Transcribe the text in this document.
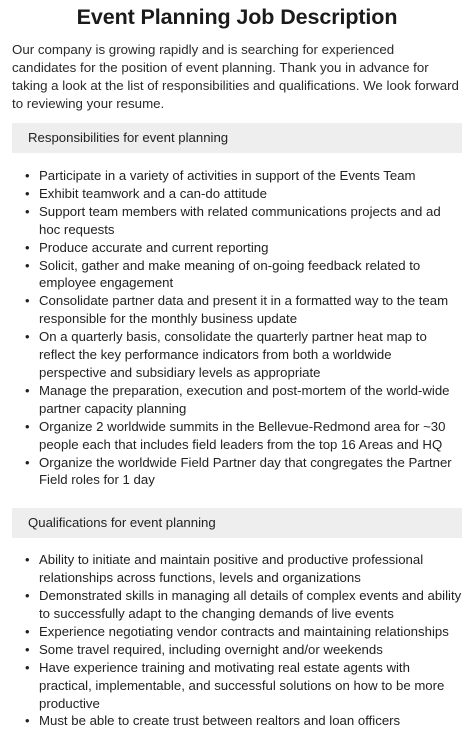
Event Planning Job Description

Our company is growing rapidly and is searching for experienced candidates for the position of event planning. Thank you in advance for taking a look at the list of responsibilities and qualifications. We look forward to reviewing your resume.

Responsibilities for event planning
• Participate in a variety of activities in support of the Events Team
• Exhibit teamwork and a can-do attitude
• Support team members with related communications projects and ad hoc requests
• Produce accurate and current reporting
• Solicit, gather and make meaning of on-going feedback related to employee engagement
• Consolidate partner data and present it in a formatted way to the team responsible for the monthly business update
• On a quarterly basis, consolidate the quarterly partner heat map to reflect the key performance indicators from both a worldwide perspective and subsidiary levels as appropriate
• Manage the preparation, execution and post-mortem of the world-wide partner capacity planning
• Organize 2 worldwide summits in the Bellevue-Redmond area for ~30 people each that includes field leaders from the top 16 Areas and HQ
• Organize the worldwide Field Partner day that congregates the Partner Field roles for 1 day
Qualifications for event planning
• Ability to initiate and maintain positive and productive professional relationships across functions, levels and organizations
• Demonstrated skills in managing all details of complex events and ability to successfully adapt to the changing demands of live events
• Experience negotiating vendor contracts and maintaining relationships
• Some travel required, including overnight and/or weekends
• Have experience training and motivating real estate agents with practical, implementable, and successful solutions on how to be more productive
• Must be able to create trust between realtors and loan officers
